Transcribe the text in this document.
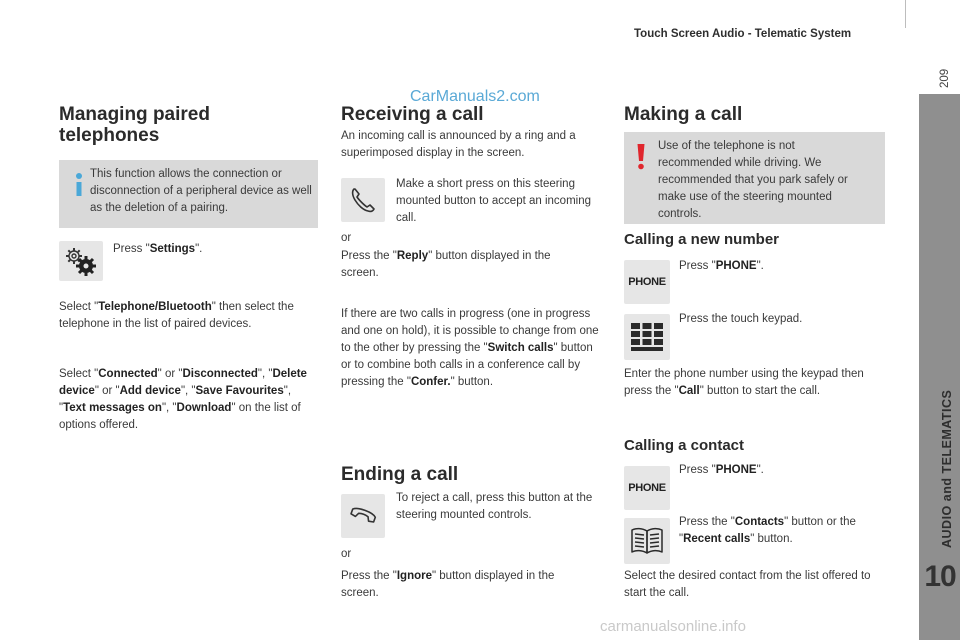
Touch Screen Audio - Telematic System
209
AUDIO and TELEMATICS
10
CarManuals2.com
carmanualsonline.info
Managing paired
telephones
This function allows the connection or disconnection of a peripheral device as well as the deletion of a pairing.
Press "Settings".
Select "Telephone/Bluetooth" then select the telephone in the list of paired devices.
Select "Connected" or "Disconnected", "Delete device" or "Add device", "Save Favourites", "Text messages on", "Download" on the list of options offered.
Receiving a call
An incoming call is announced by a ring and a superimposed display in the screen.
Make a short press on this steering mounted button to accept an incoming call.
or
Press the "Reply" button displayed in the screen.
If there are two calls in progress (one in progress and one on hold), it is possible to change from one to the other by pressing the "Switch calls" button or to combine both calls in a conference call by pressing the "Confer." button.
Ending a call
To reject a call, press this button at the steering mounted controls.
or
Press the "Ignore" button displayed in the screen.
Making a call
Use of the telephone is not recommended while driving. We recommended that you park safely or make use of the steering mounted controls.
Calling a new number
PHONE
Press "PHONE".
Press the touch keypad.
Enter the phone number using the keypad then press the "Call" button to start the call.
Calling a contact
PHONE
Press "PHONE".
Press the "Contacts" button or the "Recent calls" button.
Select the desired contact from the list offered to start the call.
